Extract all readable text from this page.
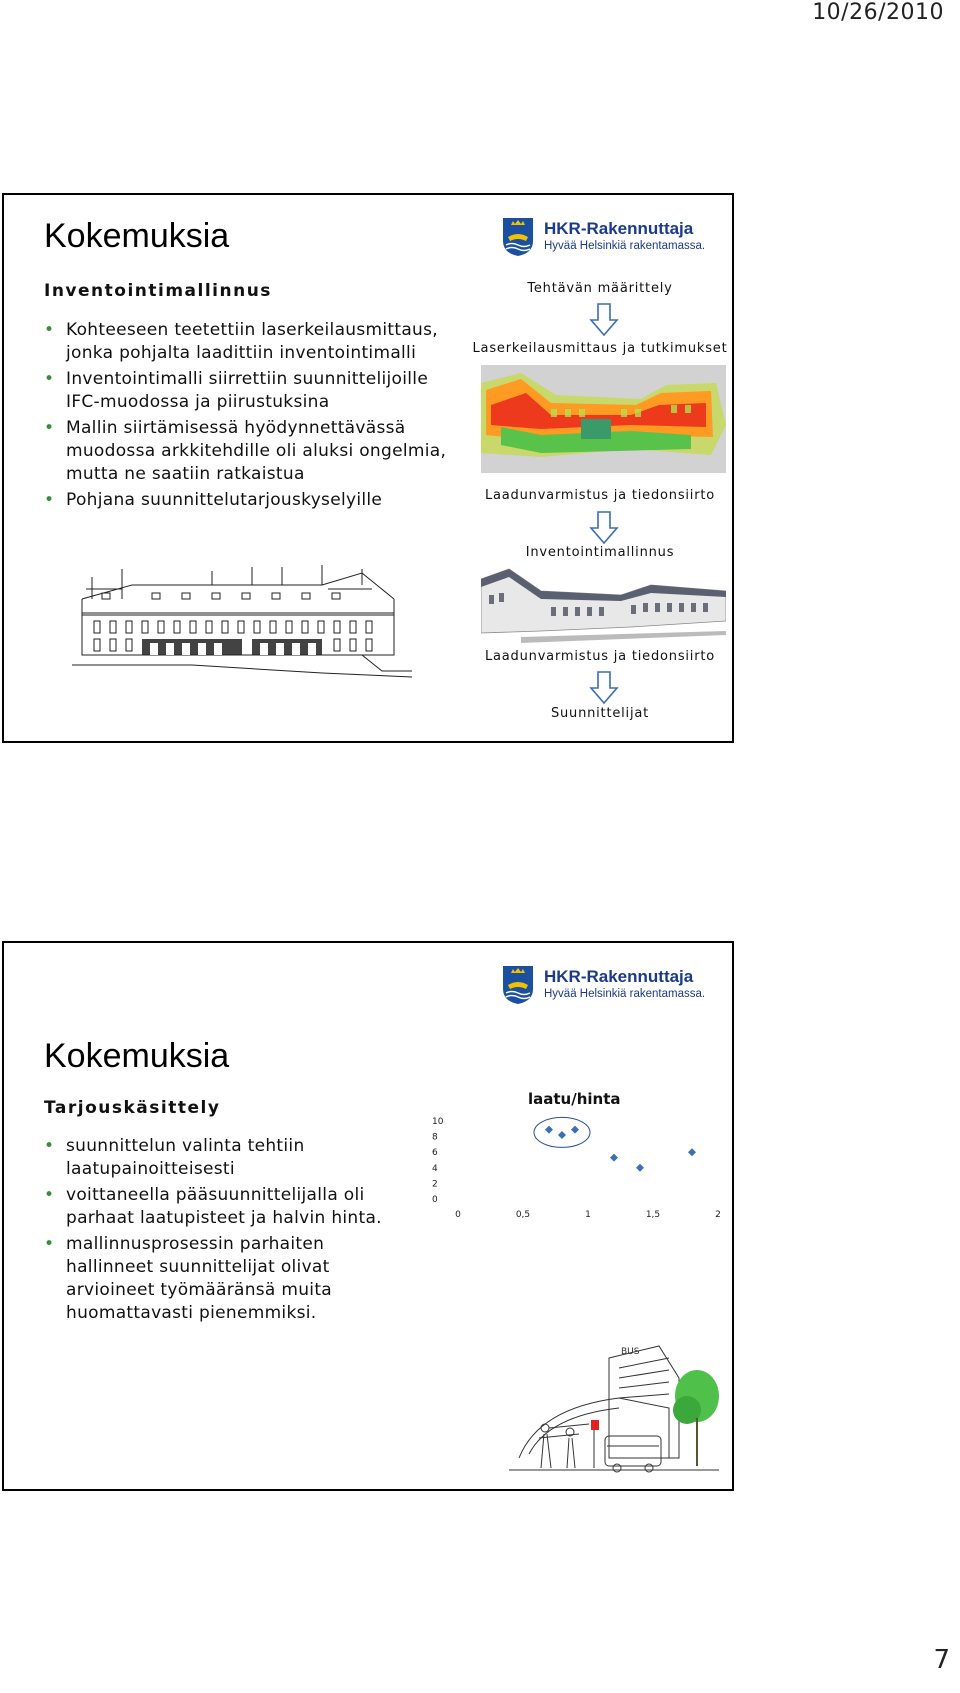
10/26/2010
Kokemuksia
Inventointimallinnus
• Kohteeseen teetettiin laserkeilausmittaus, jonka pohjalta laadittiin inventointimalli
• Inventointimalli siirrettiin suunnittelijoille IFC-muodossa ja piirustuksina
• Mallin siirtämisessä hyödynnettävässä muodossa arkkitehdille oli aluksi ongelmia, mutta ne saatiin ratkaistua
• Pohjana suunnittelutarjouskyselyille
HKR-Rakennuttaja
Hyvää Helsinkiä rakentamassa.
Tehtävän määrittely
Laserkeilausmittaus ja tutkimukset
Laadunvarmistus ja tiedonsiirto
Inventointimallinnus
Laadunvarmistus ja tiedonsiirto
Suunnittelijat
HKR-Rakennuttaja
Hyvää Helsinkiä rakentamassa.
Kokemuksia
Tarjouskäsittely
• suunnittelun valinta tehtiin laatupainoitteisesti
• voittaneella pääsuunnittelijalla oli parhaat laatupisteet ja halvin hinta.
• mallinnusprosessin parhaiten hallinneet suunnittelijat olivat arvioineet työmääränsä muita huomattavasti pienemmiksi.
laatu/hinta
0
2
4
6
8
10
0	0,5	1	1,5	2
BUS
7
